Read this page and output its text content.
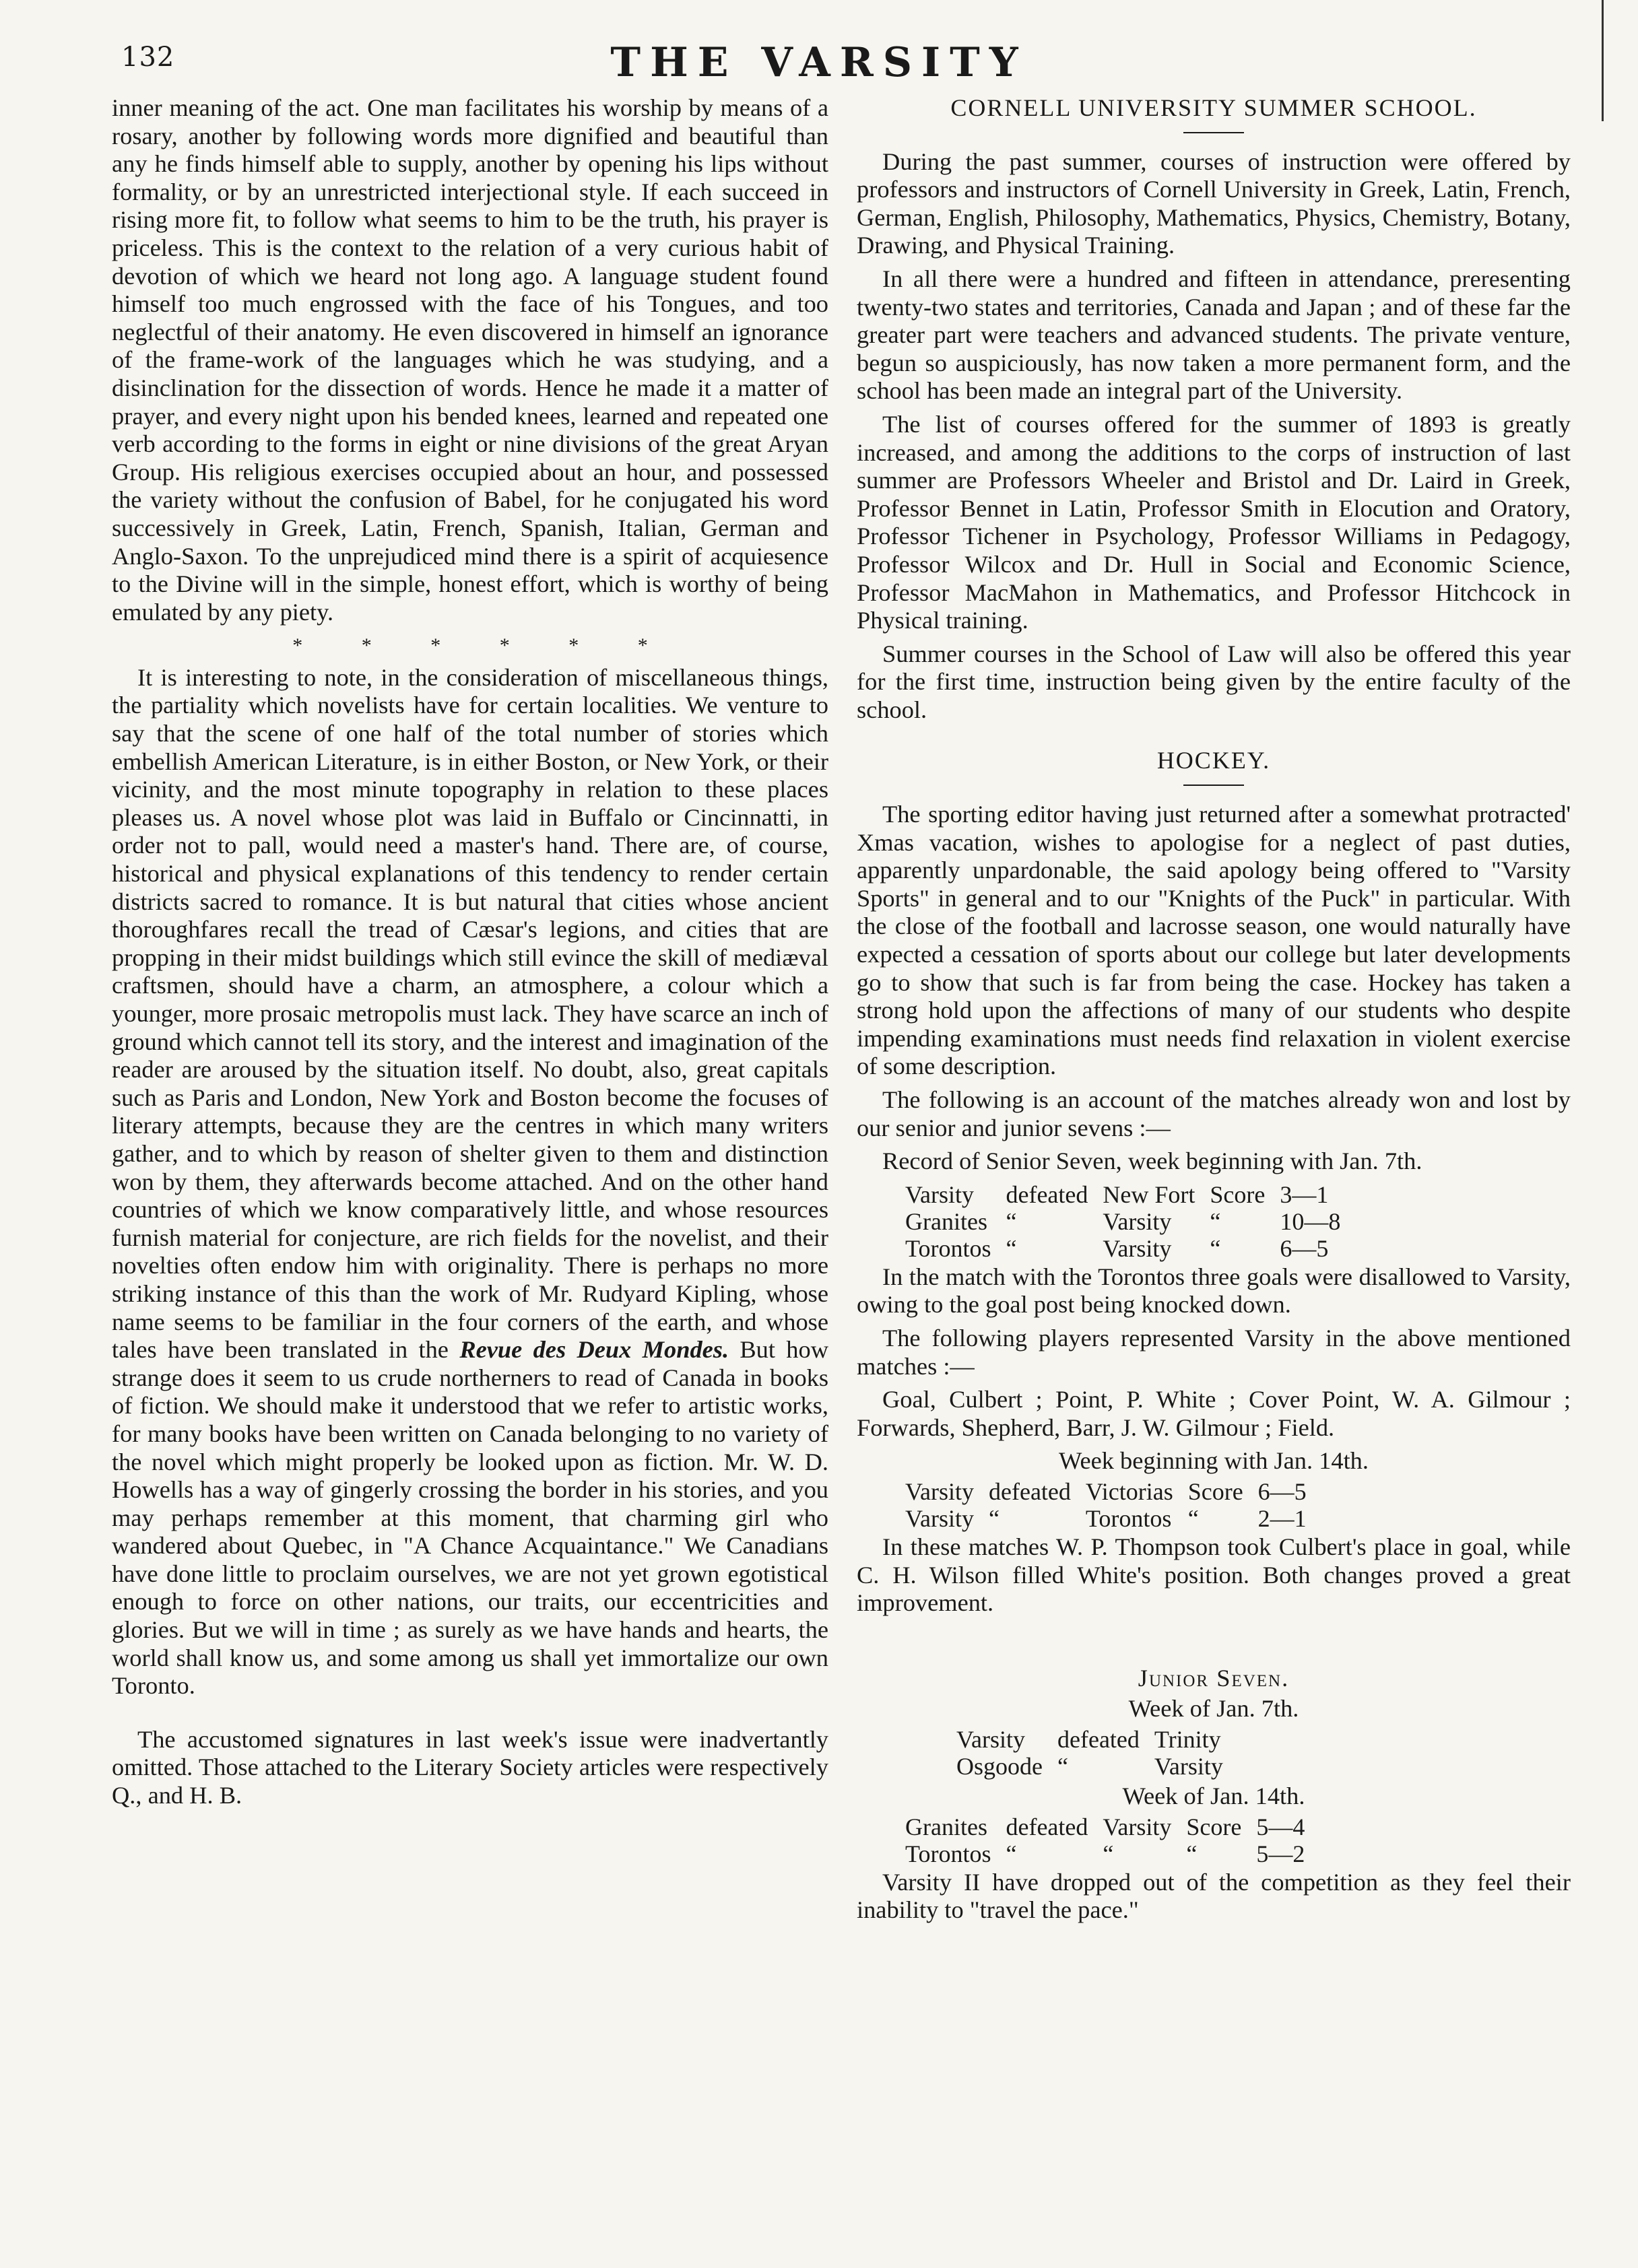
132	THE VARSITY

inner meaning of the act. One man facilitates his worship by means of a rosary, another by following words more dignified and beautiful than any he finds himself able to supply, another by opening his lips without formality, or by an unrestricted interjectional style. If each succeed in rising more fit, to follow what seems to him to be the truth, his prayer is priceless. This is the context to the relation of a very curious habit of devotion of which we heard not long ago. A language student found himself too much engrossed with the face of his Tongues, and too neglectful of their anatomy. He even discovered in himself an ignorance of the frame-work of the languages which he was studying, and a disinclination for the dissection of words. Hence he made it a matter of prayer, and every night upon his bended knees, learned and repeated one verb according to the forms in eight or nine divisions of the great Aryan Group. His religious exercises occupied about an hour, and possessed the variety without the confusion of Babel, for he conjugated his word successively in Greek, Latin, French, Spanish, Italian, German and Anglo-Saxon. To the unprejudiced mind there is a spirit of acquiesence to the Divine will in the simple, honest effort, which is worthy of being emulated by any piety.

* * * * * *

It is interesting to note, in the consideration of miscellaneous things, the partiality which novelists have for certain localities. We venture to say that the scene of one half of the total number of stories which embellish American Literature, is in either Boston, or New York, or their vicinity, and the most minute topography in relation to these places pleases us. A novel whose plot was laid in Buffalo or Cincinnatti, in order not to pall, would need a master's hand. There are, of course, historical and physical explanations of this tendency to render certain districts sacred to romance. It is but natural that cities whose ancient thoroughfares recall the tread of Cæsar's legions, and cities that are propping in their midst buildings which still evince the skill of mediæval craftsmen, should have a charm, an atmosphere, a colour which a younger, more prosaic metropolis must lack. They have scarce an inch of ground which cannot tell its story, and the interest and imagination of the reader are aroused by the situation itself. No doubt, also, great capitals such as Paris and London, New York and Boston become the focuses of literary attempts, because they are the centres in which many writers gather, and to which by reason of shelter given to them and distinction won by them, they afterwards become attached. And on the other hand countries of which we know comparatively little, and whose resources furnish material for conjecture, are rich fields for the novelist, and their novelties often endow him with originality. There is perhaps no more striking instance of this than the work of Mr. Rudyard Kipling, whose name seems to be familiar in the four corners of the earth, and whose tales have been translated in the Revue des Deux Mondes. But how strange does it seem to us crude northerners to read of Canada in books of fiction. We should make it understood that we refer to artistic works, for many books have been written on Canada belonging to no variety of the novel which might properly be looked upon as fiction. Mr. W. D. Howells has a way of gingerly crossing the border in his stories, and you may perhaps remember at this moment, that charming girl who wandered about Quebec, in "A Chance Acquaintance." We Canadians have done little to proclaim ourselves, we are not yet grown egotistical enough to force on other nations, our traits, our eccentricities and glories. But we will in time ; as surely as we have hands and hearts, the world shall know us, and some among us shall yet immortalize our own Toronto.

The accustomed signatures in last week's issue were inadvertantly omitted. Those attached to the Literary Society articles were respectively Q., and H. B.

CORNELL UNIVERSITY SUMMER SCHOOL.

During the past summer, courses of instruction were offered by professors and instructors of Cornell University in Greek, Latin, French, German, English, Philosophy, Mathematics, Physics, Chemistry, Botany, Drawing, and Physical Training.

In all there were a hundred and fifteen in attendance, preresenting twenty-two states and territories, Canada and Japan ; and of these far the greater part were teachers and advanced students. The private venture, begun so auspiciously, has now taken a more permanent form, and the school has been made an integral part of the University.

The list of courses offered for the summer of 1893 is greatly increased, and among the additions to the corps of instruction of last summer are Professors Wheeler and Bristol and Dr. Laird in Greek, Professor Bennet in Latin, Professor Smith in Elocution and Oratory, Professor Tichener in Psychology, Professor Williams in Pedagogy, Professor Wilcox and Dr. Hull in Social and Economic Science, Professor MacMahon in Mathematics, and Professor Hitchcock in Physical training.

Summer courses in the School of Law will also be offered this year for the first time, instruction being given by the entire faculty of the school.

HOCKEY.

The sporting editor having just returned after a somewhat protracted' Xmas vacation, wishes to apologise for a neglect of past duties, apparently unpardonable, the said apology being offered to "Varsity Sports" in general and to our "Knights of the Puck" in particular. With the close of the football and lacrosse season, one would naturally have expected a cessation of sports about our college but later developments go to show that such is far from being the case. Hockey has taken a strong hold upon the affections of many of our students who despite impending examinations must needs find relaxation in violent exercise of some description.

The following is an account of the matches already won and lost by our senior and junior sevens :—

Record of Senior Seven, week beginning with Jan. 7th.

Varsity	defeated	New Fort	Score	3—1
Granites	“	Varsity	“	10—8
Torontos	“	Varsity	“	6—5

In the match with the Torontos three goals were disallowed to Varsity, owing to the goal post being knocked down.

The following players represented Varsity in the above mentioned matches :—

Goal, Culbert ; Point, P. White ; Cover Point, W. A. Gilmour ; Forwards, Shepherd, Barr, J. W. Gilmour ; Field.

Week beginning with Jan. 14th.

Varsity	defeated	Victorias	Score	6—5
Varsity	“	Torontos	“	2—1

In these matches W. P. Thompson took Culbert's place in goal, while C. H. Wilson filled White's position. Both changes proved a great improvement.

Junior Seven.

Week of Jan. 7th.

Varsity	defeated	Trinity
Osgoode	“	Varsity

Week of Jan. 14th.

Granites	defeated	Varsity	Score	5—4
Torontos	“	“	“	5—2

Varsity II have dropped out of the competition as they feel their inability to "travel the pace."
